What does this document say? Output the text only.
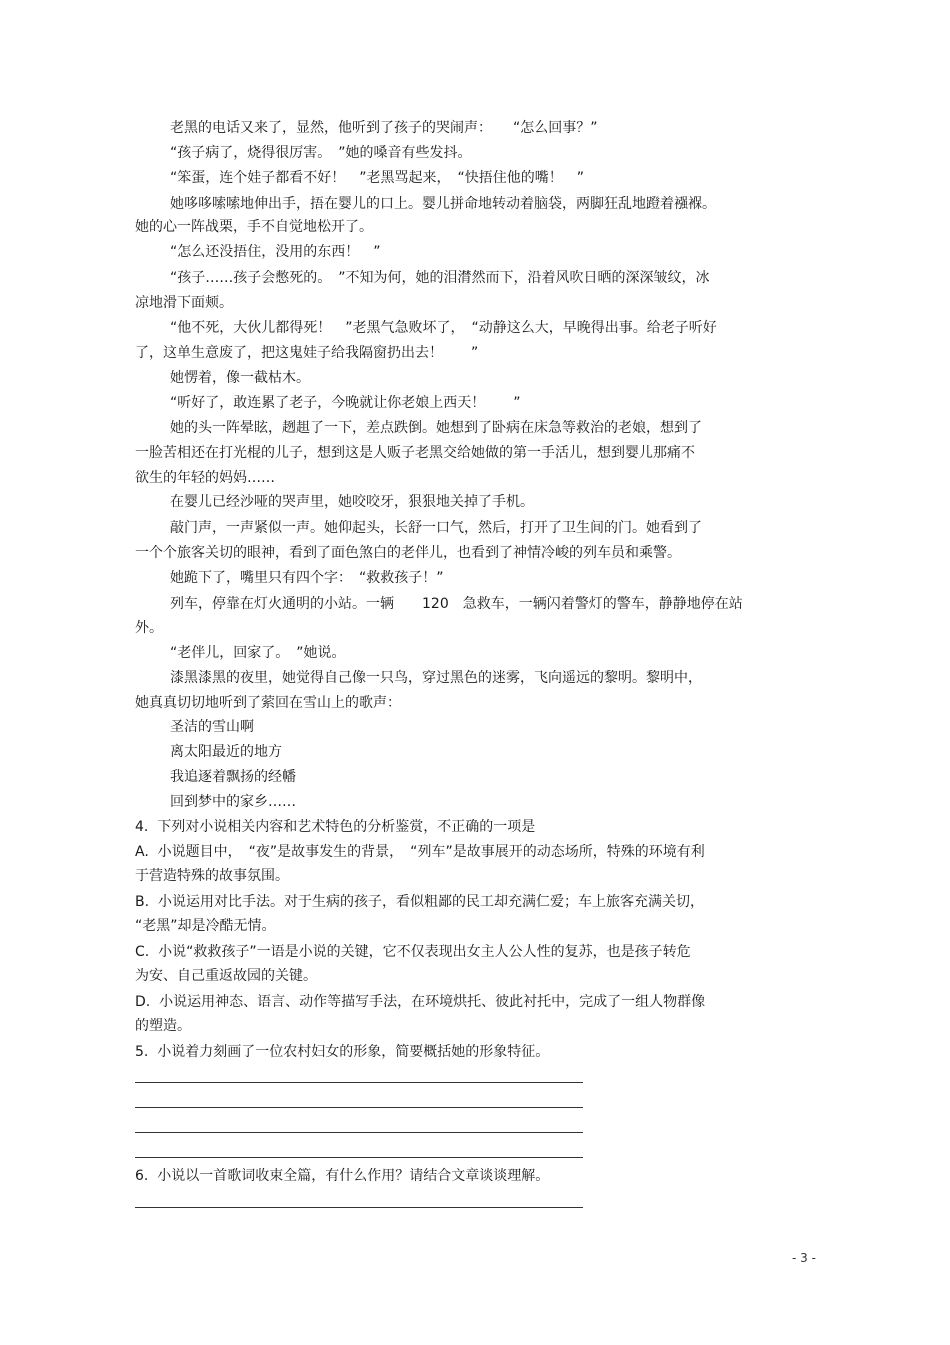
老黑的电话又来了，显然，他听到了孩子的哭闹声：　　“怎么回事？”
“孩子病了，烧得很厉害。　”她的嗓音有些发抖。
“笨蛋，连个娃子都看不好！　”老黑骂起来，　“快捂住他的嘴！　”
她哆哆嗦嗦地伸出手，捂在婴儿的口上。婴儿拼命地转动着脑袋，两脚狂乱地蹬着襁褓。
她的心一阵战栗，手不自觉地松开了。
“怎么还没捂住，没用的东西！　”
“孩子……孩子会憋死的。　”不知为何，她的泪潸然而下，沿着风吹日晒的深深皱纹，冰
凉地滑下面颊。
“他不死，大伙儿都得死！　”老黑气急败坏了，　“动静这么大，早晚得出事。给老子听好
了，这单生意废了，把这鬼娃子给我隔窗扔出去！　　”
她愣着，像一截枯木。
“听好了，敢连累了老子，今晚就让你老娘上西天！　　”
她的头一阵晕眩，趔趄了一下，差点跌倒。她想到了卧病在床急等救治的老娘，想到了
一脸苦相还在打光棍的儿子，想到这是人贩子老黑交给她做的第一手活儿，想到婴儿那痛不
欲生的年轻的妈妈……
在婴儿已经沙哑的哭声里，她咬咬牙，狠狠地关掉了手机。
敲门声，一声紧似一声。她仰起头，长舒一口气，然后，打开了卫生间的门。她看到了
一个个旅客关切的眼神，看到了面色煞白的老伴儿，也看到了神情冷峻的列车员和乘警。
她跪下了，嘴里只有四个字：　“救救孩子！”
列车，停靠在灯火通明的小站。一辆　　120　急救车，一辆闪着警灯的警车，静静地停在站
外。
“老伴儿，回家了。　”她说。
漆黑漆黑的夜里，她觉得自己像一只鸟，穿过黑色的迷雾，飞向遥远的黎明。黎明中，
她真真切切地听到了萦回在雪山上的歌声：
圣洁的雪山啊
离太阳最近的地方
我追逐着飘扬的经幡
回到梦中的家乡……
4.  下列对小说相关内容和艺术特色的分析鉴赏，不正确的一项是
A.  小说题目中，　“夜”是故事发生的背景，　“列车”是故事展开的动态场所，特殊的环境有利
于营造特殊的故事氛围。
B.  小说运用对比手法。对于生病的孩子，看似粗鄙的民工却充满仁爱；车上旅客充满关切，
“老黑”却是冷酷无情。
C.  小说“救救孩子”一语是小说的关键，它不仅表现出女主人公人性的复苏，也是孩子转危
为安、自己重返故园的关键。
D.  小说运用神态、语言、动作等描写手法，在环境烘托、彼此衬托中，完成了一组人物群像
的塑造。
5.  小说着力刻画了一位农村妇女的形象，简要概括她的形象特征。
6.  小说以一首歌词收束全篇，有什么作用？请结合文章谈谈理解。
- 3 -
